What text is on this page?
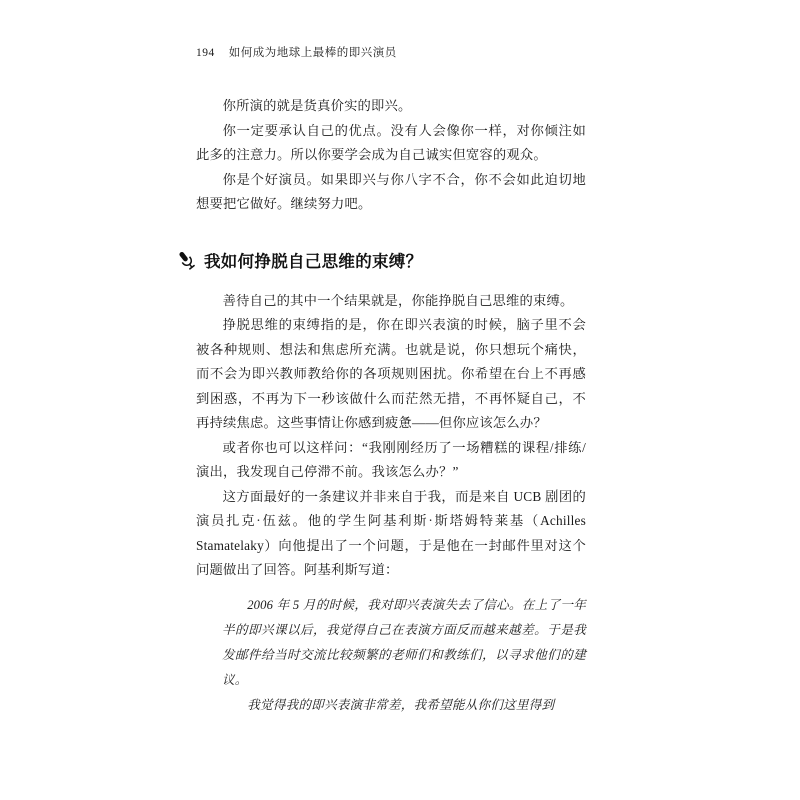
194 如何成为地球上最棒的即兴演员

你所演的就是货真价实的即兴。

你一定要承认自己的优点。没有人会像你一样，对你倾注如此多的注意力。所以你要学会成为自己诚实但宽容的观众。

你是个好演员。如果即兴与你八字不合，你不会如此迫切地想要把它做好。继续努力吧。

我如何挣脱自己思维的束缚？

善待自己的其中一个结果就是，你能挣脱自己思维的束缚。

挣脱思维的束缚指的是，你在即兴表演的时候，脑子里不会被各种规则、想法和焦虑所充满。也就是说，你只想玩个痛快，而不会为即兴教师教给你的各项规则困扰。你希望在台上不再感到困惑，不再为下一秒该做什么而茫然无措，不再怀疑自己，不再持续焦虑。这些事情让你感到疲惫——但你应该怎么办？

或者你也可以这样问：“我刚刚经历了一场糟糕的课程/排练/演出，我发现自己停滞不前。我该怎么办？”

这方面最好的一条建议并非来自于我，而是来自 UCB 剧团的演员扎克·伍兹。他的学生阿基利斯·斯塔姆特莱基（Achilles Stamatelaky）向他提出了一个问题，于是他在一封邮件里对这个问题做出了回答。阿基利斯写道：

2006 年 5 月的时候，我对即兴表演失去了信心。在上了一年半的即兴课以后，我觉得自己在表演方面反而越来越差。于是我发邮件给当时交流比较频繁的老师们和教练们，以寻求他们的建议。

我觉得我的即兴表演非常差，我希望能从你们这里得到
